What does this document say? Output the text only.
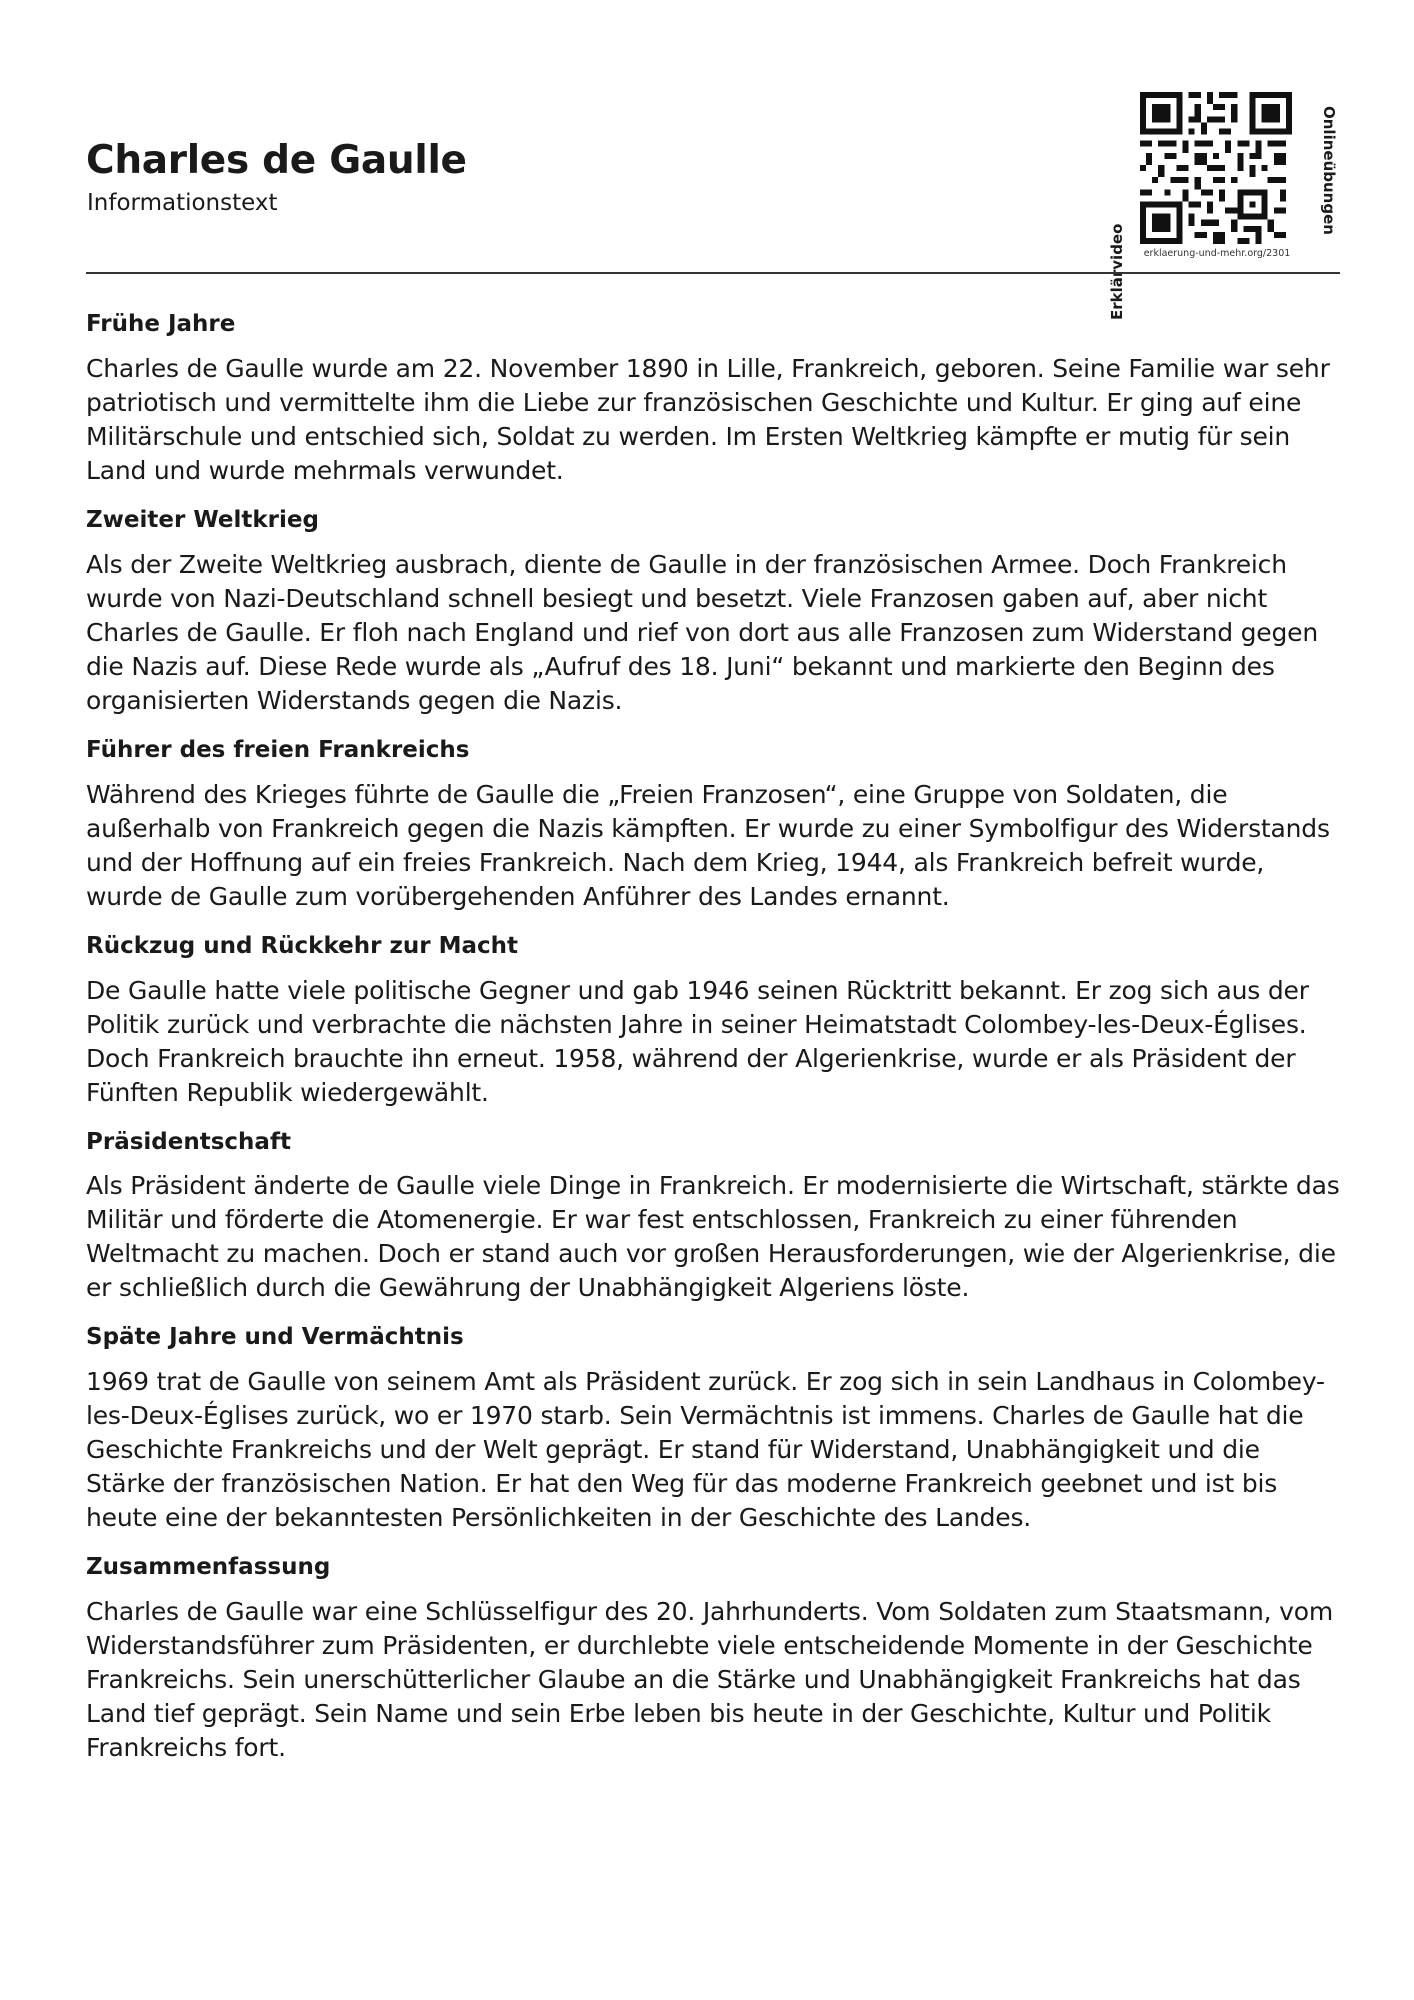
Charles de Gaulle
Informationstext
Erklärvideo
Onlineübungen
erklaerung-und-mehr.org/2301
Frühe Jahre

Charles de Gaulle wurde am 22. November 1890 in Lille, Frankreich, geboren. Seine Familie war sehr patriotisch und vermittelte ihm die Liebe zur französischen Geschichte und Kultur. Er ging auf eine Militärschule und entschied sich, Soldat zu werden. Im Ersten Weltkrieg kämpfte er mutig für sein Land und wurde mehrmals verwundet.

Zweiter Weltkrieg

Als der Zweite Weltkrieg ausbrach, diente de Gaulle in der französischen Armee. Doch Frankreich wurde von Nazi-Deutschland schnell besiegt und besetzt. Viele Franzosen gaben auf, aber nicht Charles de Gaulle. Er floh nach England und rief von dort aus alle Franzosen zum Widerstand gegen die Nazis auf. Diese Rede wurde als „Aufruf des 18. Juni“ bekannt und markierte den Beginn des organisierten Widerstands gegen die Nazis.

Führer des freien Frankreichs

Während des Krieges führte de Gaulle die „Freien Franzosen“, eine Gruppe von Soldaten, die außerhalb von Frankreich gegen die Nazis kämpften. Er wurde zu einer Symbolfigur des Widerstands und der Hoffnung auf ein freies Frankreich. Nach dem Krieg, 1944, als Frankreich befreit wurde, wurde de Gaulle zum vorübergehenden Anführer des Landes ernannt.

Rückzug und Rückkehr zur Macht

De Gaulle hatte viele politische Gegner und gab 1946 seinen Rücktritt bekannt. Er zog sich aus der Politik zurück und verbrachte die nächsten Jahre in seiner Heimatstadt Colombey-les-Deux-Églises. Doch Frankreich brauchte ihn erneut. 1958, während der Algerienkrise, wurde er als Präsident der Fünften Republik wiedergewählt.

Präsidentschaft

Als Präsident änderte de Gaulle viele Dinge in Frankreich. Er modernisierte die Wirtschaft, stärkte das Militär und förderte die Atomenergie. Er war fest entschlossen, Frankreich zu einer führenden Weltmacht zu machen. Doch er stand auch vor großen Herausforderungen, wie der Algerienkrise, die er schließlich durch die Gewährung der Unabhängigkeit Algeriens löste.

Späte Jahre und Vermächtnis

1969 trat de Gaulle von seinem Amt als Präsident zurück. Er zog sich in sein Landhaus in Colombey-les-Deux-Églises zurück, wo er 1970 starb. Sein Vermächtnis ist immens. Charles de Gaulle hat die Geschichte Frankreichs und der Welt geprägt. Er stand für Widerstand, Unabhängigkeit und die Stärke der französischen Nation. Er hat den Weg für das moderne Frankreich geebnet und ist bis heute eine der bekanntesten Persönlichkeiten in der Geschichte des Landes.

Zusammenfassung

Charles de Gaulle war eine Schlüsselfigur des 20. Jahrhunderts. Vom Soldaten zum Staatsmann, vom Widerstandsführer zum Präsidenten, er durchlebte viele entscheidende Momente in der Geschichte Frankreichs. Sein unerschütterlicher Glaube an die Stärke und Unabhängigkeit Frankreichs hat das Land tief geprägt. Sein Name und sein Erbe leben bis heute in der Geschichte, Kultur und Politik Frankreichs fort.
